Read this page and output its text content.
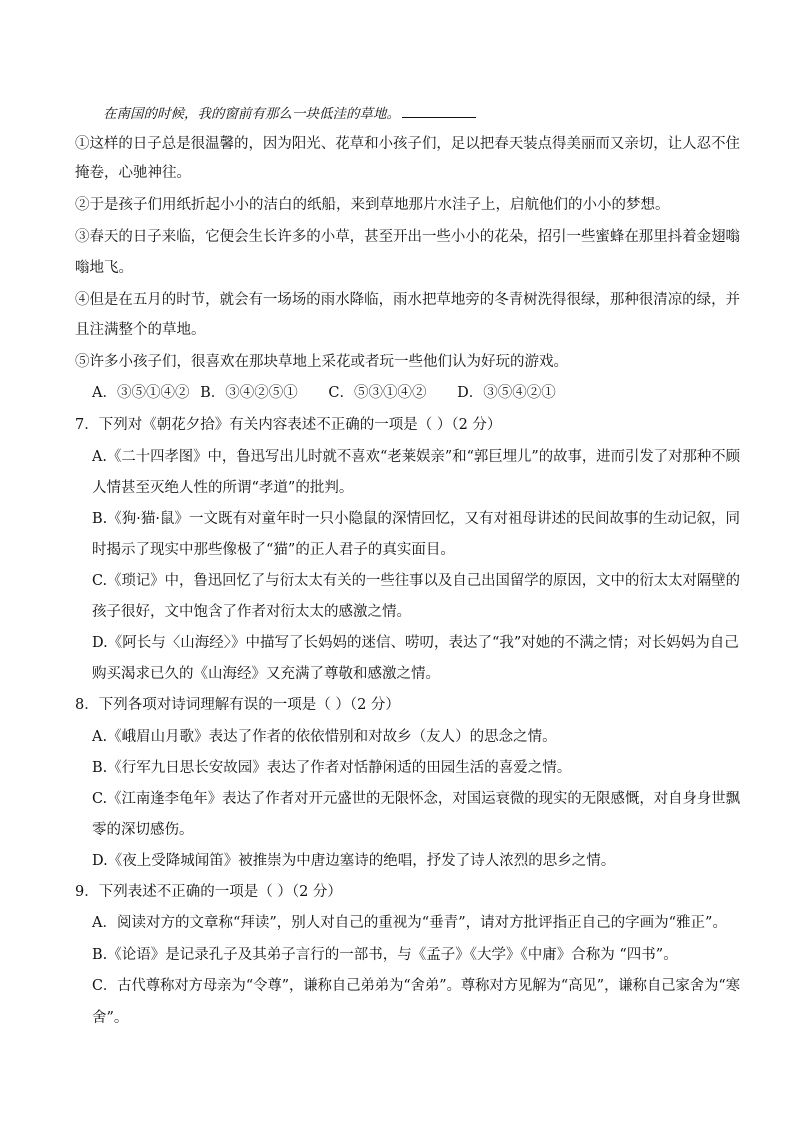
在南国的时候，我的窗前有那么一块低洼的草地。
①这样的日子总是很温馨的，因为阳光、花草和小孩子们，足以把春天装点得美丽而又亲切，让人忍不住
掩卷，心驰神往。
②于是孩子们用纸折起小小的洁白的纸船，来到草地那片水洼子上，启航他们的小小的梦想。
③春天的日子来临，它便会生长许多的小草，甚至开出一些小小的花朵，招引一些蜜蜂在那里抖着金翅嗡
嗡地飞。
④但是在五月的时节，就会有一场场的雨水降临，雨水把草地旁的冬青树洗得很绿，那种很清凉的绿，并
且注满整个的草地。
⑤许多小孩子们，很喜欢在那块草地上采花或者玩一些他们认为好玩的游戏。
A．③⑤①④② B．③④②⑤① C．⑤③①④② D．③⑤④②①
7．下列对《朝花夕拾》有关内容表述不正确的一项是（ ）（2 分）
A.《二十四孝图》中，鲁迅写出儿时就不喜欢“老莱娱亲”和“郭巨埋儿”的故事，进而引发了对那种不顾
人情甚至灭绝人性的所谓“孝道”的批判。
B.《狗·猫·鼠》一文既有对童年时一只小隐鼠的深情回忆，又有对祖母讲述的民间故事的生动记叙，同
时揭示了现实中那些像极了“猫”的正人君子的真实面目。
C.《琐记》中，鲁迅回忆了与衍太太有关的一些往事以及自己出国留学的原因，文中的衍太太对隔壁的
孩子很好，文中饱含了作者对衍太太的感激之情。
D.《阿长与〈山海经〉》中描写了长妈妈的迷信、唠叨，表达了“我”对她的不满之情；对长妈妈为自己
购买渴求已久的《山海经》又充满了尊敬和感激之情。
8．下列各项对诗词理解有误的一项是（ ）（2 分）
A.《峨眉山月歌》表达了作者的依依惜别和对故乡（友人）的思念之情。
B.《行军九日思长安故园》表达了作者对恬静闲适的田园生活的喜爱之情。
C.《江南逢李龟年》表达了作者对开元盛世的无限怀念，对国运衰微的现实的无限感慨，对自身身世飘
零的深切感伤。
D.《夜上受降城闻笛》被推崇为中唐边塞诗的绝唱，抒发了诗人浓烈的思乡之情。
9．下列表述不正确的一项是（ ）（2 分）
A．阅读对方的文章称“拜读”，别人对自己的重视为“垂青”，请对方批评指正自己的字画为“雅正”。
B.《论语》是记录孔子及其弟子言行的一部书，与《孟子》《大学》《中庸》合称为 “四书”。
C．古代尊称对方母亲为“令尊”，谦称自己弟弟为“舍弟”。尊称对方见解为“高见”，谦称自己家舍为“寒
舍”。
